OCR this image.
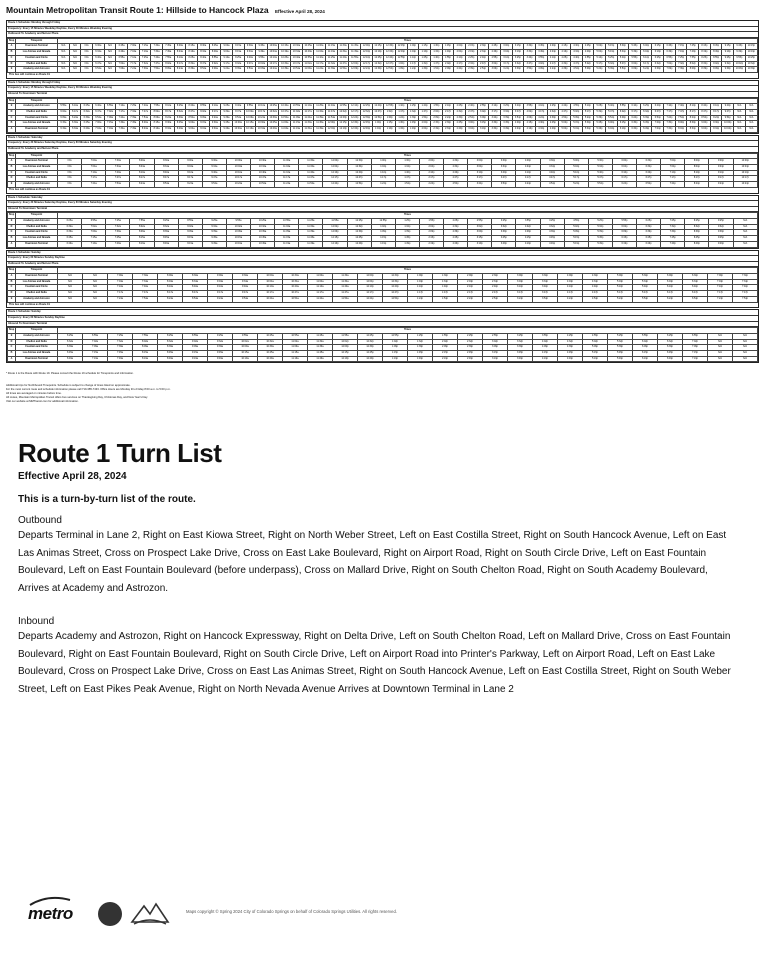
Mountain Metropolitan Transit Route 1: Hillside to Hancock Plaza Effective April 28, 2024
Route 1 Schedule: Monday through Friday
Frequency: Every 15 Minutes Weekday Daytime, Every 30 Minutes Weekday Evening
Outbound To Academy and Nelson Plaza
Stop	Timepoint	Times																																																											
A	Downtown Terminal	N/A	N/A	N/A	6:30a	N/A	6:45a	7:00a	7:15a	7:30a	7:45a	8:00a	8:15a	8:30a	8:45a	9:00a	9:15a	9:30a	9:45a	10:00a	10:15a	10:30a	10:45a	11:00a	11:15a	11:30a	11:45a	12:00p	12:15p	12:30p	12:45p	1:00p	1:15p	1:30p	1:45p	2:00p	2:15p	2:30p	2:45p	3:00p	3:15p	3:30p	3:45p	4:00p	4:15p	4:30p	4:45p	5:00p	5:15p	5:30p	5:45p	6:00p	6:15p	6:45p	7:15p	7:45p	8:15p	8:45p	9:15p	9:45p	10:15p
B	Las Animas and Nevada	N/A	N/A	N/A	6:34a	N/A	6:49a	7:04a	7:19a	7:34a	7:49a	8:04a	8:19a	8:34a	8:49a	9:04a	9:19a	9:34a	9:49a	10:04a	10:19a	10:34a	10:49a	11:04a	11:19a	11:34a	11:49a	12:04p	12:19p	12:34p	12:49p	1:04p	1:19p	1:34p	1:49p	2:04p	2:19p	2:34p	2:49p	3:04p	3:19p	3:34p	3:49p	4:04p	4:19p	4:34p	4:49p	5:04p	5:19p	5:34p	5:49p	6:04p	6:19p	6:49p	7:19p	7:49p	8:19p	8:49p	9:19p	9:49p	10:19p
C	Fountain and Circle	N/A	N/A	N/A	6:40a	N/A	6:55a	7:10a	7:25a	7:40a	7:55a	8:10a	8:25a	8:40a	8:55a	9:10a	9:25a	9:40a	9:55a	10:10a	10:25a	10:40a	10:55a	11:10a	11:25a	11:40a	11:55a	12:10p	12:25p	12:40p	12:55p	1:10p	1:25p	1:40p	1:55p	2:10p	2:25p	2:40p	2:55p	3:10p	3:25p	3:40p	3:55p	4:10p	4:25p	4:40p	4:55p	5:10p	5:25p	5:40p	5:55p	6:10p	6:25p	6:55p	7:25p	7:55p	8:25p	8:55p	9:25p	9:55p	10:25p
D	Chelton and Delta	N/A	N/A	N/A	6:47a	N/A	7:02a	7:17a	7:32a	7:47a	8:02a	8:17a	8:32a	8:47a	9:02a	9:17a	9:32a	9:47a	10:02a	10:17a	10:32a	10:47a	11:02a	11:17a	11:32a	11:47a	12:02p	12:17p	12:32p	12:47p	1:02p	1:17p	1:32p	1:47p	2:02p	2:17p	2:32p	2:47p	3:02p	3:17p	3:32p	3:47p	4:02p	4:17p	4:32p	4:47p	5:02p	5:17p	5:32p	5:47p	6:02p	6:17p	6:32p	7:02p	7:32p	8:02p	8:32p	9:02p	9:32p	10:02p	10:32p
E	Academy and Astrozon	N/A	N/A	N/A	6:54a	N/A	7:09a	7:24a	7:39a	7:54a	8:09a	8:24a	8:39a	8:54a	9:09a	9:24a	9:39a	9:54a	10:09a	10:24a	10:39a	10:54a	11:09a	11:24a	11:39a	11:54a	12:09p	12:24p	12:39p	12:54p	1:09p	1:24p	1:39p	1:54p	2:09p	2:24p	2:39p	2:54p	3:09p	3:24p	3:39p	3:54p	4:09p	4:24p	4:39p	4:54p	5:09p	5:24p	5:39p	5:54p	6:09p	6:24p	6:39p	7:09p	7:39p	8:09p	8:39p	9:09p	9:39p	10:09p	10:39p
This bus will continue as Route 19
Route 1 Schedule: Monday through Friday
Frequency: Every 15 Minutes Weekday Daytime, Every 30 Minutes Weekday Evening
Inbound To Downtown Terminal
Stop	Timepoint	Times																																																											
E	Academy and Astrozon	5:55a	6:10a	6:25a	6:40a	6:55a	7:10a	7:25a	7:40a	7:55a	8:10a	8:25a	8:40a	8:55a	9:10a	9:25a	9:40a	9:55a	10:10a	10:25a	10:40a	10:55a	11:10a	11:25a	11:40a	11:55a	12:10p	12:25p	12:40p	12:55p	1:10p	1:25p	1:40p	1:55p	2:10p	2:25p	2:40p	2:55p	3:10p	3:25p	3:40p	3:55p	4:10p	4:25p	4:40p	4:55p	5:10p	5:25p	5:40p	5:55p	6:10p	6:25p	6:40p	7:10p	7:40p	8:10p	8:40p	9:10p	9:40p	N/A	N/A
D	Chelton and Delta	6:02a	6:17a	6:32a	6:47a	7:02a	7:17a	7:32a	7:47a	8:02a	8:17a	8:32a	8:47a	9:02a	9:17a	9:32a	9:47a	10:02a	10:17a	10:32a	10:47a	11:02a	11:17a	11:32a	11:47a	12:02p	12:17p	12:32p	12:47p	1:02p	1:17p	1:32p	1:47p	2:02p	2:17p	2:32p	2:47p	3:02p	3:17p	3:32p	3:47p	4:02p	4:17p	4:32p	4:47p	5:02p	5:17p	5:32p	5:47p	6:02p	6:17p	6:32p	6:47p	7:17p	7:47p	8:17p	8:47p	9:17p	9:47p	N/A	N/A
C	Fountain and Circle	6:09a	6:24a	6:39a	6:54a	7:09a	7:24a	7:39a	7:54a	8:09a	8:24a	8:39a	8:54a	9:09a	9:24a	9:39a	9:54a	10:09a	10:24a	10:39a	10:54a	11:09a	11:24a	11:39a	11:54a	12:09p	12:24p	12:39p	12:54p	1:09p	1:24p	1:39p	1:54p	2:09p	2:24p	2:39p	2:54p	3:09p	3:24p	3:39p	3:54p	4:09p	4:24p	4:39p	4:54p	5:09p	5:24p	5:39p	5:54p	6:09p	6:24p	6:39p	6:54p	7:24p	7:54p	8:24p	8:54p	9:24p	9:54p	N/A	N/A
B	Las Animas and Nevada	6:15a	6:30a	6:45a	7:00a	7:15a	7:30a	7:45a	8:00a	8:15a	8:30a	8:45a	9:00a	9:15a	9:30a	9:45a	10:00a	10:15a	10:30a	10:45a	11:00a	11:15a	11:30a	11:45a	12:00p	12:15p	12:30p	12:45p	1:00p	1:15p	1:30p	1:45p	2:00p	2:15p	2:30p	2:45p	3:00p	3:15p	3:30p	3:45p	4:00p	4:15p	4:30p	4:45p	5:00p	5:15p	5:30p	5:45p	6:00p	6:15p	6:30p	6:45p	7:00p	7:30p	8:00p	8:30p	9:00p	9:30p	10:00p	N/A	N/A
A	Downtown Terminal	6:19a	6:34a	6:49a	7:04a	7:19a	7:34a	7:49a	8:04a	8:19a	8:34a	8:49a	9:04a	9:19a	9:34a	9:49a	10:04a	10:19a	10:34a	10:49a	11:04a	11:19a	11:34a	11:49a	12:04p	12:19p	12:34p	12:49p	1:04p	1:19p	1:34p	1:49p	2:04p	2:19p	2:34p	2:49p	3:04p	3:19p	3:34p	3:49p	4:04p	4:19p	4:34p	4:49p	5:04p	5:19p	5:34p	5:49p	6:04p	6:19p	6:34p	6:49p	7:04p	7:34p	8:04p	8:34p	9:04p	9:34p	10:04p	N/A	N/A
Route 1 Schedule: Saturday
Frequency: Every 30 Minutes Saturday Daytime, Every 60 Minutes Saturday Evening
Outbound To Academy and Nelson Plaza
Stop	Timepoint	Times																												
A	Downtown Terminal	N/A	7:00a	7:30a	8:00a	8:30a	9:00a	9:30a	10:00a	10:30a	11:00a	11:30a	12:00p	12:30p	1:00p	1:30p	2:00p	2:30p	3:00p	3:30p	4:00p	4:30p	5:00p	5:30p	6:00p	6:30p	7:00p	8:00p	9:00p	10:00p
B	Las Animas and Nevada	N/A	7:04a	7:34a	8:04a	8:34a	9:04a	9:34a	10:04a	10:34a	11:04a	11:34a	12:04p	12:34p	1:04p	1:34p	2:04p	2:34p	3:04p	3:34p	4:04p	4:34p	5:04p	5:34p	6:04p	6:34p	7:04p	8:04p	9:04p	10:04p
C	Fountain and Circle	N/A	7:10a	7:40a	8:10a	8:40a	9:10a	9:40a	10:10a	10:40a	11:10a	11:40a	12:10p	12:40p	1:10p	1:40p	2:10p	2:40p	3:10p	3:40p	4:10p	4:40p	5:10p	5:40p	6:10p	6:40p	7:10p	8:10p	9:10p	10:10p
D	Chelton and Delta	N/A	7:17a	7:47a	8:17a	8:47a	9:17a	9:47a	10:17a	10:47a	11:17a	11:47a	12:17p	12:47p	1:17p	1:47p	2:17p	2:47p	3:17p	3:47p	4:17p	4:47p	5:17p	5:47p	6:17p	6:47p	7:17p	8:17p	9:17p	10:17p
E	Academy and Astrozon	N/A	7:24a	7:54a	8:24a	8:54a	9:24a	9:54a	10:24a	10:54a	11:24a	11:54a	12:24p	12:54p	1:24p	1:54p	2:24p	2:54p	3:24p	3:54p	4:24p	4:54p	5:24p	5:54p	6:24p	6:54p	7:24p	8:24p	9:24p	10:24p
This bus will continue as Route 19
Route 1 Schedule: Saturday
Frequency: Every 30 Minutes Saturday Daytime, Every 60 Minutes Saturday Evening
Inbound To Downtown Terminal
Stop	Timepoint	Times																												
E	Academy and Astrozon	6:25a	6:55a	7:25a	7:55a	8:25a	8:55a	9:25a	9:55a	10:25a	10:55a	11:25a	11:55a	12:25p	12:55p	1:25p	1:55p	2:25p	2:55p	3:25p	3:55p	4:25p	4:55p	5:25p	5:55p	6:25p	7:25p	8:25p	9:25p	N/A
D	Chelton and Delta	6:32a	7:02a	7:32a	8:02a	8:32a	9:02a	9:32a	10:02a	10:32a	11:02a	11:32a	12:02p	12:32p	1:02p	1:32p	2:02p	2:32p	3:02p	3:32p	4:02p	4:32p	5:02p	5:32p	6:02p	6:32p	7:32p	8:32p	9:32p	N/A
C	Fountain and Circle	6:39a	7:09a	7:39a	8:09a	8:39a	9:09a	9:39a	10:09a	10:39a	11:09a	11:39a	12:09p	12:39p	1:09p	1:39p	2:09p	2:39p	3:09p	3:39p	4:09p	4:39p	5:09p	5:39p	6:09p	6:39p	7:39p	8:39p	9:39p	N/A
B	Las Animas and Nevada	6:45a	7:15a	7:45a	8:15a	8:45a	9:15a	9:45a	10:15a	10:45a	11:15a	11:45a	12:15p	12:45p	1:15p	1:45p	2:15p	2:45p	3:15p	3:45p	4:15p	4:45p	5:15p	5:45p	6:15p	6:45p	7:45p	8:45p	9:45p	N/A
A	Downtown Terminal	6:49a	7:19a	7:49a	8:19a	8:49a	9:19a	9:49a	10:19a	10:49a	11:19a	11:49a	12:19p	12:49p	1:19p	1:49p	2:19p	2:49p	3:19p	3:49p	4:19p	4:49p	5:19p	5:49p	6:19p	6:49p	7:49p	8:49p	9:49p	N/A
Route 1 Schedule: Sunday
Frequency: Every 60 Minutes Sunday Daytime
Outbound To Academy and Nelson Plaza
Stop	Timepoint	Times																											
A	Downtown Terminal	N/A	N/A	7:00a	7:30a	8:00a	8:30a	9:00a	9:30a	10:00a	10:30a	11:00a	11:30a	12:00p	12:30p	1:00p	1:30p	2:00p	2:30p	3:00p	3:30p	4:00p	4:30p	5:00p	5:30p	6:00p	6:30p	7:00p	7:30p
B	Las Animas and Nevada	N/A	N/A	7:04a	7:34a	8:04a	8:34a	9:04a	9:34a	10:04a	10:34a	11:04a	11:34a	12:04p	12:34p	1:04p	1:34p	2:04p	2:34p	3:04p	3:34p	4:04p	4:34p	5:04p	5:34p	6:04p	6:34p	7:04p	7:34p
C	Fountain and Circle	N/A	N/A	7:10a	7:40a	8:10a	8:40a	9:10a	9:40a	10:10a	10:40a	11:10a	11:40a	12:10p	12:40p	1:10p	1:40p	2:10p	2:40p	3:10p	3:40p	4:10p	4:40p	5:10p	5:40p	6:10p	6:40p	7:10p	7:40p
D	Chelton and Delta	N/A	N/A	7:17a	7:47a	8:17a	8:47a	9:17a	9:47a	10:17a	10:47a	11:17a	11:47a	12:17p	12:47p	1:17p	1:47p	2:17p	2:47p	3:17p	3:47p	4:17p	4:47p	5:17p	5:47p	6:17p	6:47p	7:17p	7:47p
E	Academy and Astrozon	N/A	N/A	7:24a	7:54a	8:24a	8:54a	9:24a	9:54a	10:24a	10:54a	11:24a	11:54a	12:24p	12:54p	1:24p	1:54p	2:24p	2:54p	3:24p	3:54p	4:24p	4:54p	5:24p	5:54p	6:24p	6:54p	7:24p	7:54p
This bus will continue as Route 19
Route 1 Schedule: Sunday
Frequency: Every 60 Minutes Sunday Daytime
Inbound To Downtown Terminal
Stop	Timepoint	Times																											
E	Academy and Astrozon	6:25a	6:55a	7:25a	7:55a	8:25a	8:55a	9:25a	9:55a	10:25a	10:55a	11:25a	11:55a	12:25p	12:55p	1:25p	1:55p	2:25p	2:55p	3:25p	3:55p	4:25p	4:55p	5:25p	5:55p	6:25p	6:55p	N/A	N/A
D	Chelton and Delta	6:32a	7:02a	7:32a	8:02a	8:32a	9:02a	9:32a	10:02a	10:32a	11:02a	11:32a	12:02p	12:32p	1:02p	1:32p	2:02p	2:32p	3:02p	3:32p	4:02p	4:32p	5:02p	5:32p	6:02p	6:32p	7:02p	N/A	N/A
C	Fountain and Circle	6:39a	7:09a	7:39a	8:09a	8:39a	9:09a	9:39a	10:09a	10:39a	11:09a	11:39a	12:09p	12:39p	1:09p	1:39p	2:09p	2:39p	3:09p	3:39p	4:09p	4:39p	5:09p	5:39p	6:09p	6:39p	7:09p	N/A	N/A
B	Las Animas and Nevada	6:45a	7:15a	7:45a	8:15a	8:45a	9:15a	9:45a	10:15a	10:45a	11:15a	11:45a	12:15p	12:45p	1:15p	1:45p	2:15p	2:45p	3:15p	3:45p	4:15p	4:45p	5:15p	5:45p	6:15p	6:45p	7:15p	N/A	N/A
A	Downtown Terminal	6:49a	7:19a	7:49a	8:19a	8:49a	9:19a	9:49a	10:19a	10:49a	11:19a	11:49a	12:19p	12:49p	1:19p	1:49p	2:19p	2:49p	3:19p	3:49p	4:19p	4:49p	5:19p	5:49p	6:19p	6:49p	7:19p	N/A	N/A
* Route 1 is the Route with Route 19. Please consult the Route 19 schedule for Timepoints and information.
Additional trips for Northbound Timepoints. Schedule is subject to change of times listed on approximate.
For the most current route and schedule information please call 719-385-7433. Office Hours are Monday thru Friday 8:00 a.m. to 5:00 p.m.
All times are averaged on minutes before time.
All routes, Mountain Metropolitan Transit offers bus services on Thanksgiving Day, Christmas Day, and New Year's Day.
Visit our website at MMTransit.com for additional information.
Route 1 Turn List
Effective April 28, 2024
This is a turn-by-turn list of the route.
Outbound
Departs Terminal in Lane 2, Right on East Kiowa Street, Right on North Weber Street, Left on East Costilla Street, Right on South Hancock Avenue, Left on East Las Animas Street, Cross on Prospect Lake Drive, Cross on East Lake Boulevard, Right on Airport Road, Right on South Circle Drive, Left on East Fountain Boulevard, Left on East Fountain Boulevard (before underpass), Cross on Mallard Drive, Right on South Chelton Road, Right on South Academy Boulevard, Arrives at Academy and Astrozon.
Inbound
Departs Academy and Astrozon, Right on Hancock Expressway, Right on Delta Drive, Left on South Chelton Road, Left on Mallard Drive, Cross on East Fountain Boulevard, Right on East Fountain Boulevard, Right on South Circle Drive, Left on Airport Road into Printer's Parkway, Left on Airport Road, Left on East Lake Boulevard, Cross on Prospect Lake Drive, Cross on East Las Animas Street, Right on South Hancock Avenue, Left on East Costilla Street, Right on South Weber Street, Left on East Pikes Peak Avenue, Right on North Nevada Avenue Arrives at Downtown Terminal in Lane 2
metro	Maps copyright © Spring 2024 City of Colorado Springs on behalf of Colorado Springs Utilities. All rights reserved.
